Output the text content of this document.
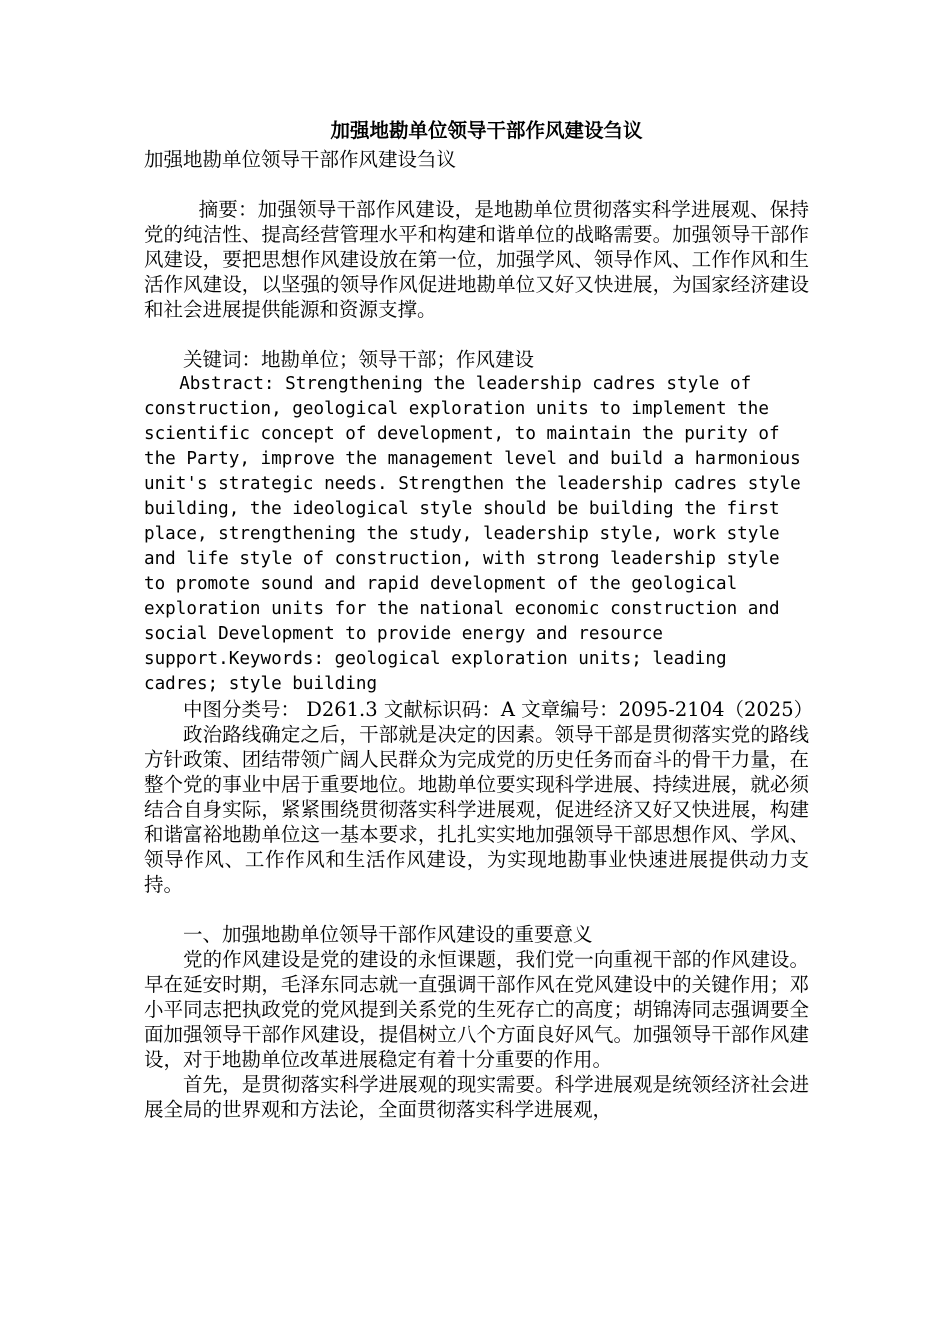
加强地勘单位领导干部作风建设刍议
加强地勘单位领导干部作风建设刍议

摘要：加强领导干部作风建设，是地勘单位贯彻落实科学进展观、保持党的纯洁性、提高经营管理水平和构建和谐单位的战略需要。加强领导干部作风建设，要把思想作风建设放在第一位，加强学风、领导作风、工作作风和生活作风建设，以坚强的领导作风促进地勘单位又好又快进展，为国家经济建设和社会进展提供能源和资源支撑。

关键词：地勘单位；领导干部；作风建设

Abstract: Strengthening the leadership cadres style of construction, geological exploration units to implement the scientific concept of development, to maintain the purity of the Party, improve the management level and build a harmonious unit's strategic needs. Strengthen the leadership cadres style building, the ideological style should be building the first place, strengthening the study, leadership style, work style and life style of construction, with strong leadership style to promote sound and rapid development of the geological exploration units for the national economic construction and social Development to provide energy and resource support.Keywords: geological exploration units; leading cadres; style building

中图分类号： D261.3 文献标识码：A 文章编号：2095-2104（2025）

政治路线确定之后，干部就是决定的因素。领导干部是贯彻落实党的路线方针政策、团结带领广阔人民群众为完成党的历史任务而奋斗的骨干力量，在整个党的事业中居于重要地位。地勘单位要实现科学进展、持续进展，就必须结合自身实际，紧紧围绕贯彻落实科学进展观，促进经济又好又快进展，构建和谐富裕地勘单位这一基本要求，扎扎实实地加强领导干部思想作风、学风、领导作风、工作作风和生活作风建设，为实现地勘事业快速进展提供动力支持。

一、加强地勘单位领导干部作风建设的重要意义

党的作风建设是党的建设的永恒课题，我们党一向重视干部的作风建设。早在延安时期，毛泽东同志就一直强调干部作风在党风建设中的关键作用；邓小平同志把执政党的党风提到关系党的生死存亡的高度；胡锦涛同志强调要全面加强领导干部作风建设，提倡树立八个方面良好风气。加强领导干部作风建设，对于地勘单位改革进展稳定有着十分重要的作用。

首先，是贯彻落实科学进展观的现实需要。科学进展观是统领经济社会进展全局的世界观和方法论，全面贯彻落实科学进展观，
